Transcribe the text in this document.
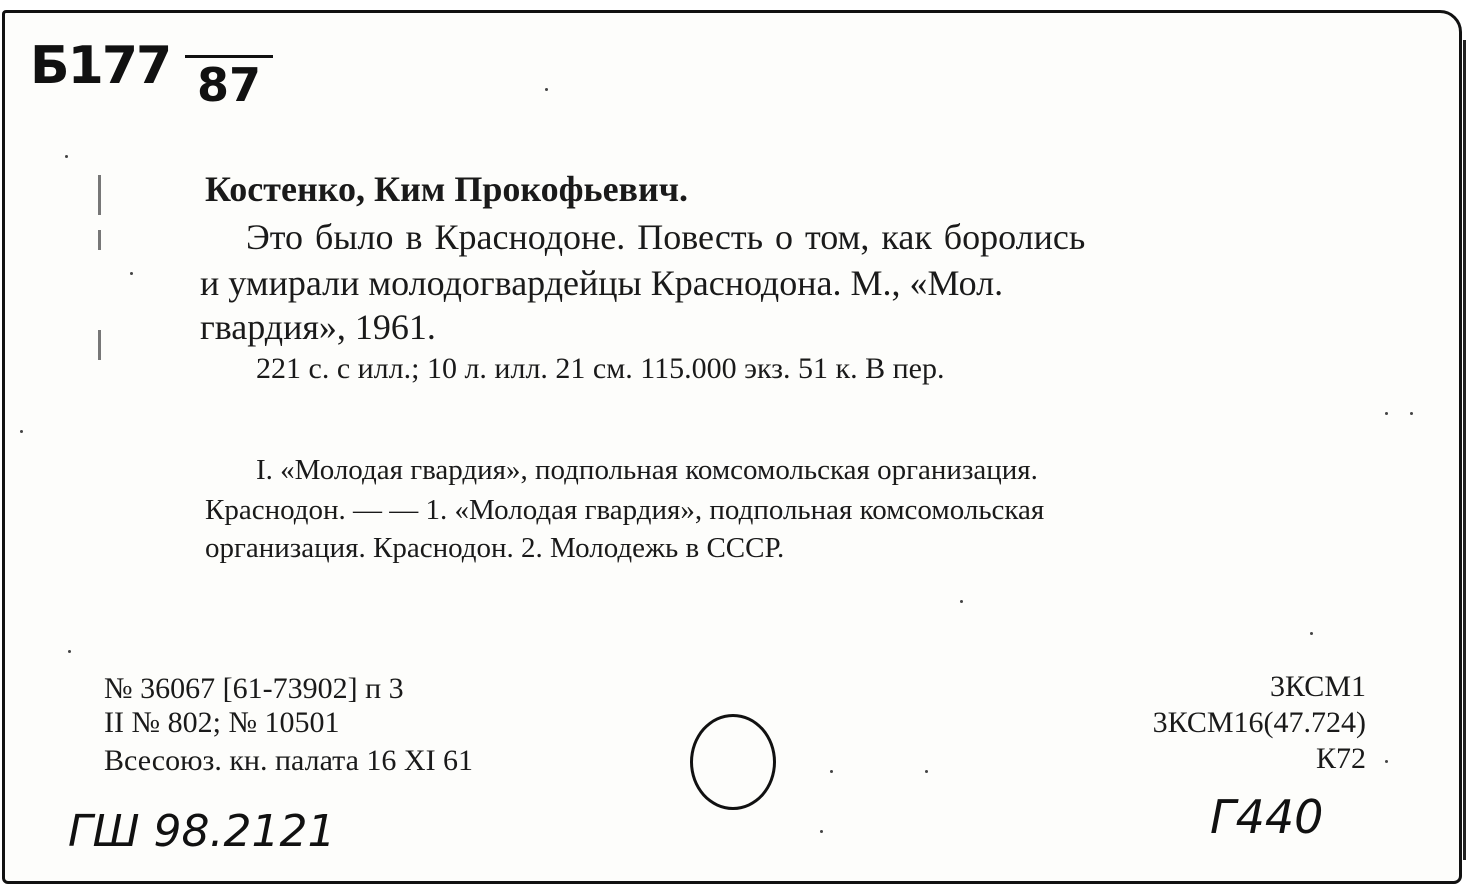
Б177 87
Костенко, Ким Прокофьевич.
Это было в Краснодоне. Повесть о том, как боролись
и умирали молодогвардейцы Краснодона. М., «Мол.
гвардия», 1961.
221 с. с илл.; 10 л. илл. 21 см. 115.000 экз. 51 к. В пер.
I. «Молодая гвардия», подпольная комсомольская организация.
Краснодон. — — 1. «Молодая гвардия», подпольная комсомольская
организация. Краснодон. 2. Молодежь в СССР.
№ 36067 [61-73902] п 3
II № 802; № 10501
Всесоюз. кн. палата 16 XI 61
3КСМ1
3КСМ16(47.724)
К72
ГШ 98.2121	Г440
